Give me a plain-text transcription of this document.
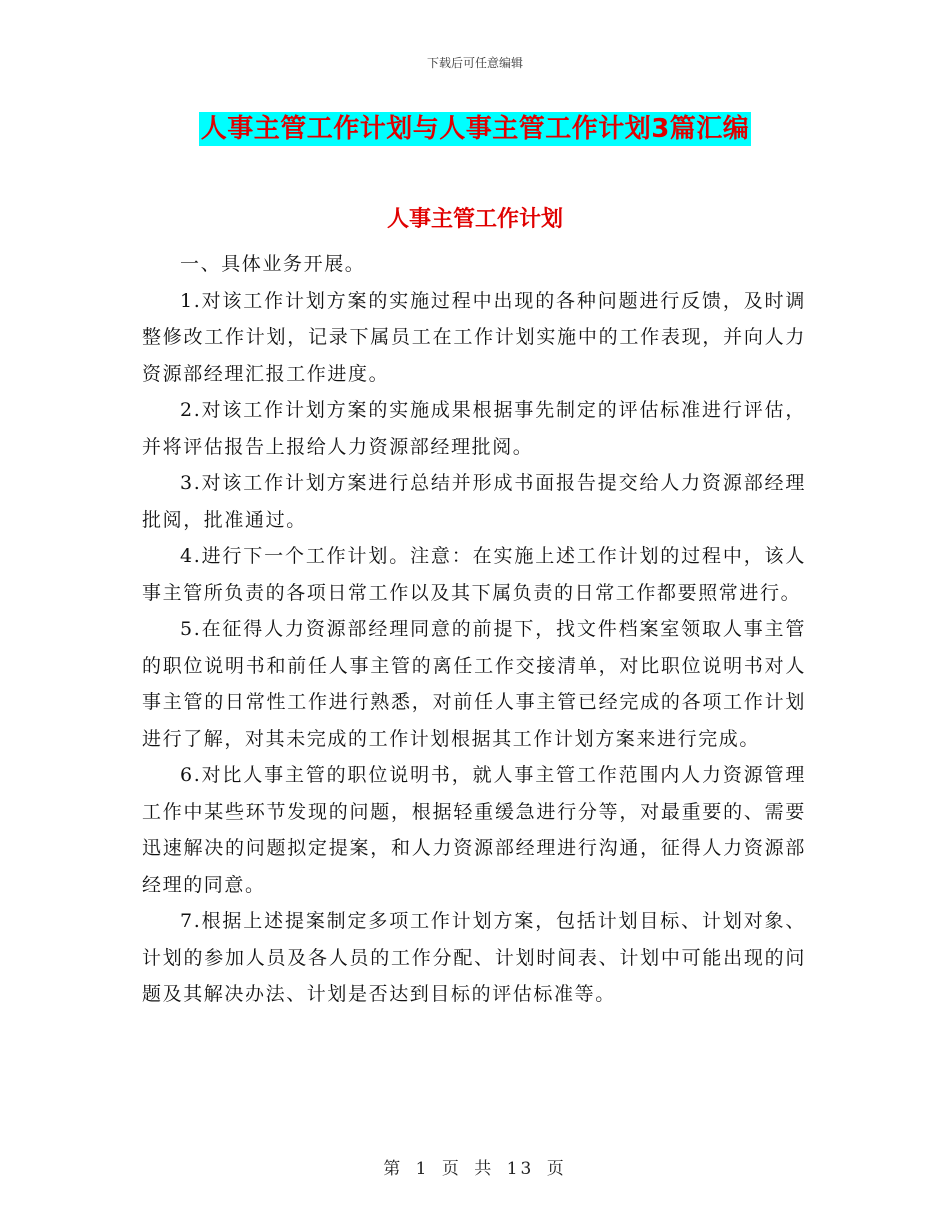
下载后可任意编辑
人事主管工作计划与人事主管工作计划3篇汇编
人事主管工作计划

一、具体业务开展。

1.对该工作计划方案的实施过程中出现的各种问题进行反馈，及时调整修改工作计划，记录下属员工在工作计划实施中的工作表现，并向人力资源部经理汇报工作进度。

2.对该工作计划方案的实施成果根据事先制定的评估标准进行评估，并将评估报告上报给人力资源部经理批阅。

3.对该工作计划方案进行总结并形成书面报告提交给人力资源部经理批阅，批准通过。

4.进行下一个工作计划。注意：在实施上述工作计划的过程中，该人事主管所负责的各项日常工作以及其下属负责的日常工作都要照常进行。

5.在征得人力资源部经理同意的前提下，找文件档案室领取人事主管的职位说明书和前任人事主管的离任工作交接清单，对比职位说明书对人事主管的日常性工作进行熟悉，对前任人事主管已经完成的各项工作计划进行了解，对其未完成的工作计划根据其工作计划方案来进行完成。

6.对比人事主管的职位说明书，就人事主管工作范围内人力资源管理工作中某些环节发现的问题，根据轻重缓急进行分等，对最重要的、需要迅速解决的问题拟定提案，和人力资源部经理进行沟通，征得人力资源部经理的同意。

7.根据上述提案制定多项工作计划方案，包括计划目标、计划对象、计划的参加人员及各人员的工作分配、计划时间表、计划中可能出现的问题及其解决办法、计划是否达到目标的评估标准等。

第 1 页 共 13 页
